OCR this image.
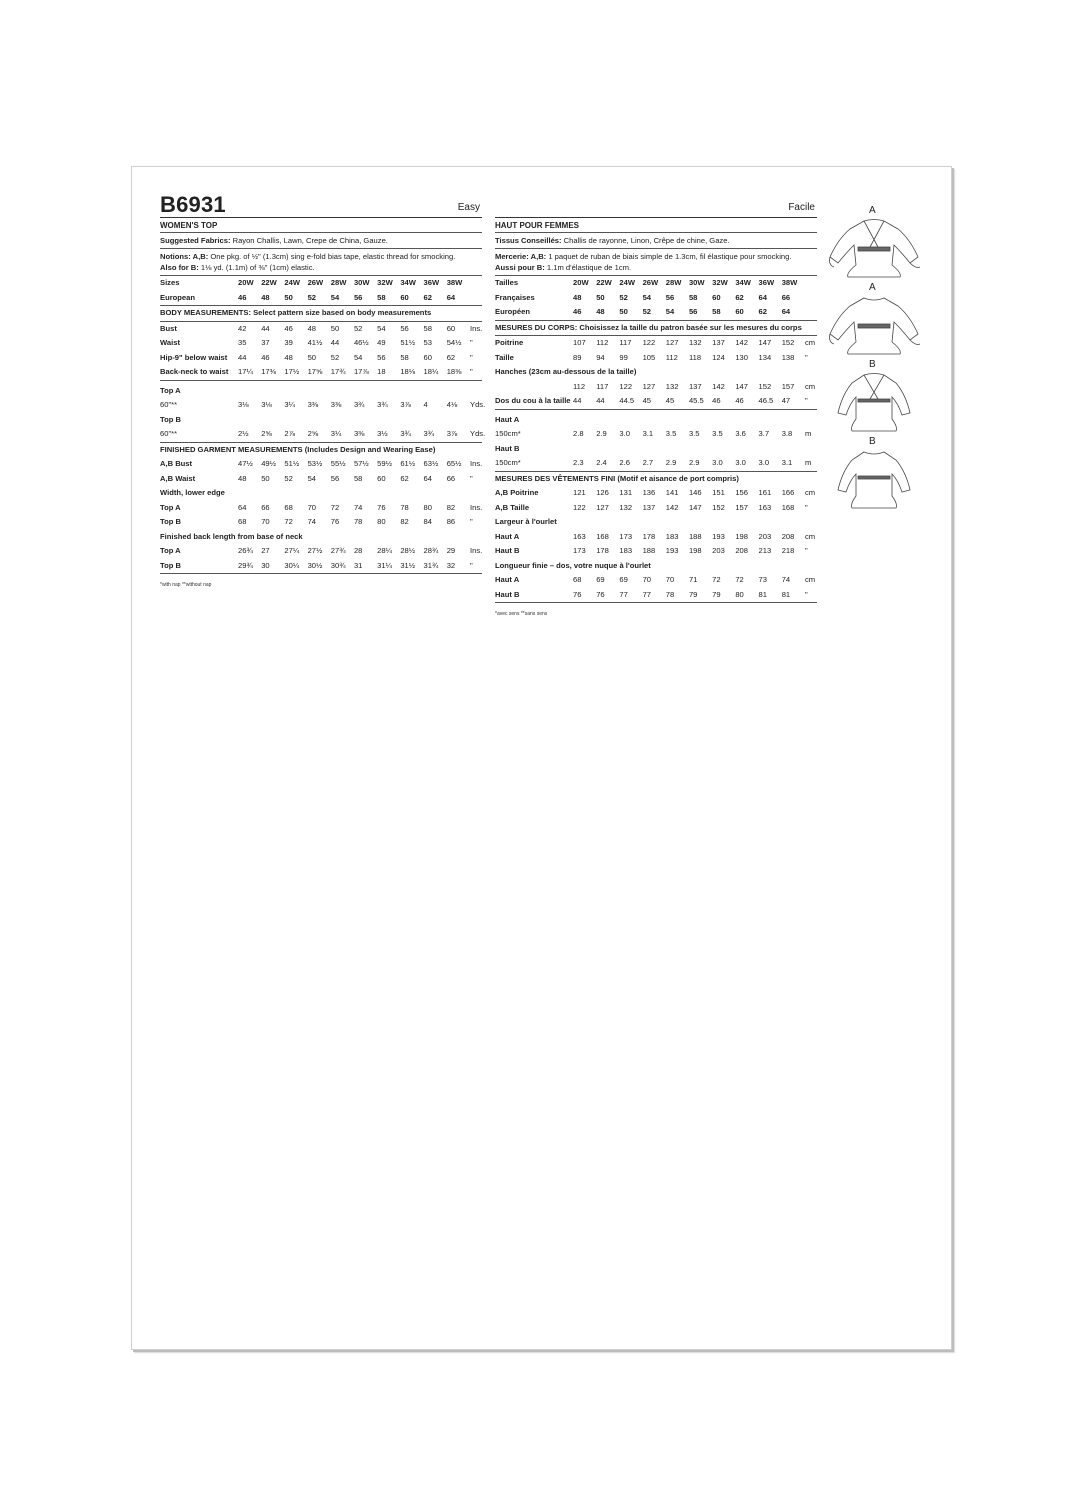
B6931	Easy
WOMEN'S TOP
Suggested Fabrics: Rayon Challis, Lawn, Crepe de China, Gauze.
Notions: A,B: One pkg. of ½" (1.3cm) sing e-fold bias tape, elastic thread for smocking.
Also for B: 1⅛ yd. (1.1m) of ⅜" (1cm) elastic.
Sizes	20W	22W	24W	26W	28W	30W	32W	34W	36W	38W	
European	46	48	50	52	54	56	58	60	62	64	
BODY MEASUREMENTS: Select pattern size based on body measurements
Bust	42	44	46	48	50	52	54	56	58	60	Ins.
Waist	35	37	39	41½	44	46½	49	51½	53	54½	"
Hip-9" below waist	44	46	48	50	52	54	56	58	60	62	"
Back-neck to waist	17¼	17⅜	17½	17⅝	17¾	17⅞	18	18⅛	18¼	18⅜	"
Top A
60"**	3⅛	3⅛	3¼	3⅜	3⅜	3¾	3¾	3⅞	4	4⅛	Yds.
Top B
60"**	2½	2⅝	2⅞	2⅝	3¼	3⅜	3½	3¾	3¾	3⅞	Yds.
FINISHED GARMENT MEASUREMENTS (Includes Design and Wearing Ease)
A,B Bust	47½	49½	51½	53½	55½	57½	59½	61½	63½	65½	Ins.
A,B Waist	48	50	52	54	56	58	60	62	64	66	"
Width, lower edge
Top A	64	66	68	70	72	74	76	78	80	82	Ins.
Top B	68	70	72	74	76	78	80	82	84	86	"
Finished back length from base of neck
Top A	26¾	27	27¼	27½	27¾	28	28¼	28½	28¾	29	Ins.
Top B	29¾	30	30¼	30½	30¾	31	31¼	31½	31¾	32	"
*with nap **without nap
Facile
HAUT POUR FEMMES
Tissus Conseillés: Challis de rayonne, Linon, Crêpe de chine, Gaze.
Mercerie: A,B: 1 paquet de ruban de biais simple de 1.3cm, fil élastique pour smocking.
Aussi pour B: 1.1m d'élastique de 1cm.
Tailles	20W	22W	24W	26W	28W	30W	32W	34W	36W	38W	
Françaises	48	50	52	54	56	58	60	62	64	66	
Européen	46	48	50	52	54	56	58	60	62	64	
MESURES DU CORPS: Choisissez la taille du patron basée sur les mesures du corps
Poitrine	107	112	117	122	127	132	137	142	147	152	cm
Taille	89	94	99	105	112	118	124	130	134	138	"
Hanches (23cm au-dessous de la taille)
	112	117	122	127	132	137	142	147	152	157	cm
Dos du cou à la taille	44	44	44.5	45	45	45.5	46	46	46.5	47	"
Haut A
150cm*	2.8	2.9	3.0	3.1	3.5	3.5	3.5	3.6	3.7	3.8	m
Haut B
150cm*	2.3	2.4	2.6	2.7	2.9	2.9	3.0	3.0	3.0	3.1	m
MESURES DES VÊTEMENTS FINI (Motif et aisance de port compris)
A,B Poitrine	121	126	131	136	141	146	151	156	161	166	cm
A,B Taille	122	127	132	137	142	147	152	157	163	168	"
Largeur à l'ourlet
Haut A	163	168	173	178	183	188	193	198	203	208	cm
Haut B	173	178	183	188	193	198	203	208	213	218	"
Longueur finie – dos, votre nuque à l'ourlet
Haut A	68	69	69	70	70	71	72	72	73	74	cm
Haut B	76	76	77	77	78	79	79	80	81	81	"
*avec sens **sans sens
A
A
B
B
